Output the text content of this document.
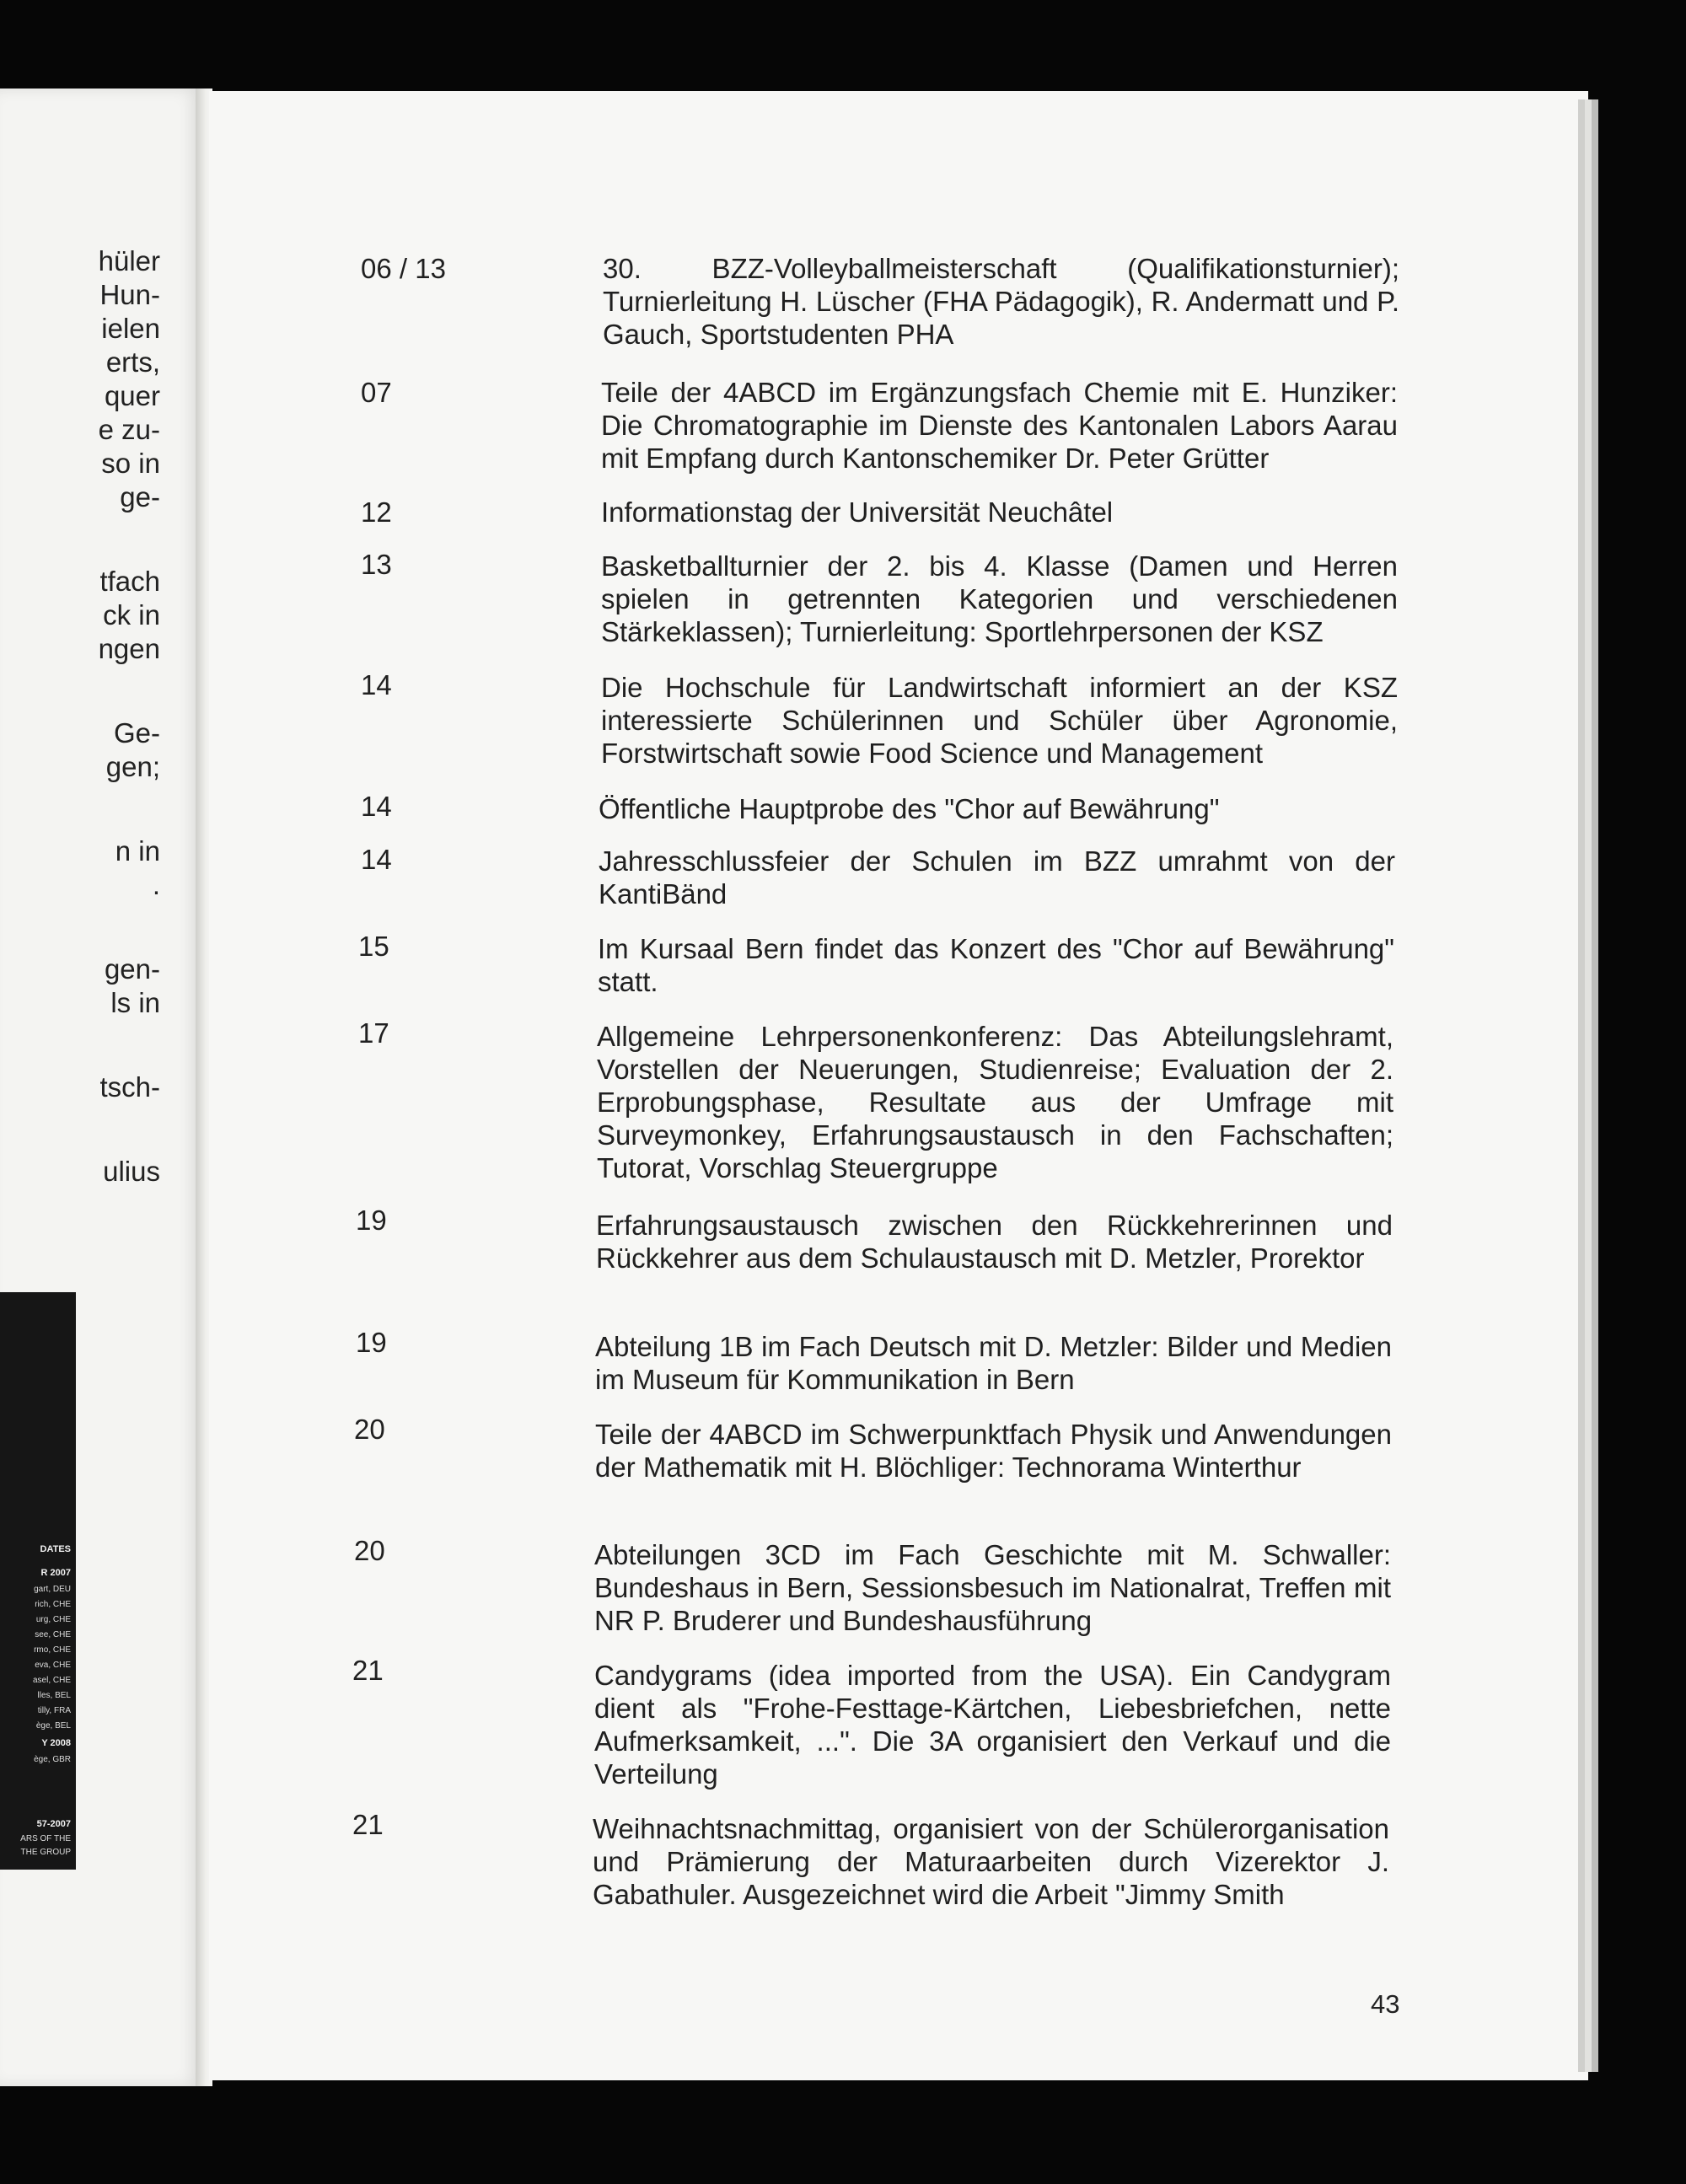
hüler
Hun-
ielen
erts,
quer
e zu-
so in
ge-
tfach
ck in
ngen
Ge-
gen;
n in
.
gen-
ls in
tsch-
ulius
DATES
R 2007
gart, DEU
rich, CHE
urg, CHE
see, CHE
rmo, CHE
eva, CHE
asel, CHE
lles, BEL
tilly, FRA
ège, BEL
Y 2008
ège, GBR
57-2007
ARS OF THE
THE GROUP
06 / 13	30. BZZ-Volleyballmeisterschaft (Qualifikationsturnier); Turnierleitung H. Lüscher (FHA Pädagogik), R. Andermatt und P. Gauch, Sportstudenten PHA
07	Teile der 4ABCD im Ergänzungsfach Chemie mit E. Hunziker: Die Chromatographie im Dienste des Kantonalen Labors Aarau mit Empfang durch Kantonschemiker Dr. Peter Grütter
12	Informationstag der Universität Neuchâtel
13	Basketballturnier der 2. bis 4. Klasse (Damen und Herren spielen in getrennten Kategorien und verschiedenen Stärkeklassen); Turnierleitung: Sportlehrpersonen der KSZ
14	Die Hochschule für Landwirtschaft informiert an der KSZ interessierte Schülerinnen und Schüler über Agronomie, Forstwirtschaft sowie Food Science und Management
14	Öffentliche Hauptprobe des "Chor auf Bewährung"
14	Jahresschlussfeier der Schulen im BZZ umrahmt von der KantiBänd
15	Im Kursaal Bern findet das Konzert des "Chor auf Bewährung" statt.
17	Allgemeine Lehrpersonenkonferenz: Das Abteilungslehramt, Vorstellen der Neuerungen, Studienreise; Evaluation der 2. Erprobungsphase, Resultate aus der Umfrage mit Surveymonkey, Erfahrungsaustausch in den Fachschaften; Tutorat, Vorschlag Steuergruppe
19	Erfahrungsaustausch zwischen den Rückkehrerinnen und Rückkehrer aus dem Schulaustausch mit D. Metzler, Prorektor
19	Abteilung 1B im Fach Deutsch mit D. Metzler: Bilder und Medien im Museum für Kommunikation in Bern
20	Teile der 4ABCD im Schwerpunktfach Physik und Anwendungen der Mathematik mit H. Blöchliger: Technorama Winterthur
20	Abteilungen 3CD im Fach Geschichte mit M. Schwaller: Bundeshaus in Bern, Sessionsbesuch im Nationalrat, Treffen mit NR P. Bruderer und Bundeshausführung
21	Candygrams (idea imported from the USA). Ein Candygram dient als "Frohe-Festtage-Kärtchen, Liebesbriefchen, nette Aufmerksamkeit, ...". Die 3A organisiert den Verkauf und die Verteilung
21	Weihnachtsnachmittag, organisiert von der Schülerorganisation und Prämierung der Maturaarbeiten durch Vizerektor J. Gabathuler. Ausgezeichnet wird die Arbeit "Jimmy Smith
43
